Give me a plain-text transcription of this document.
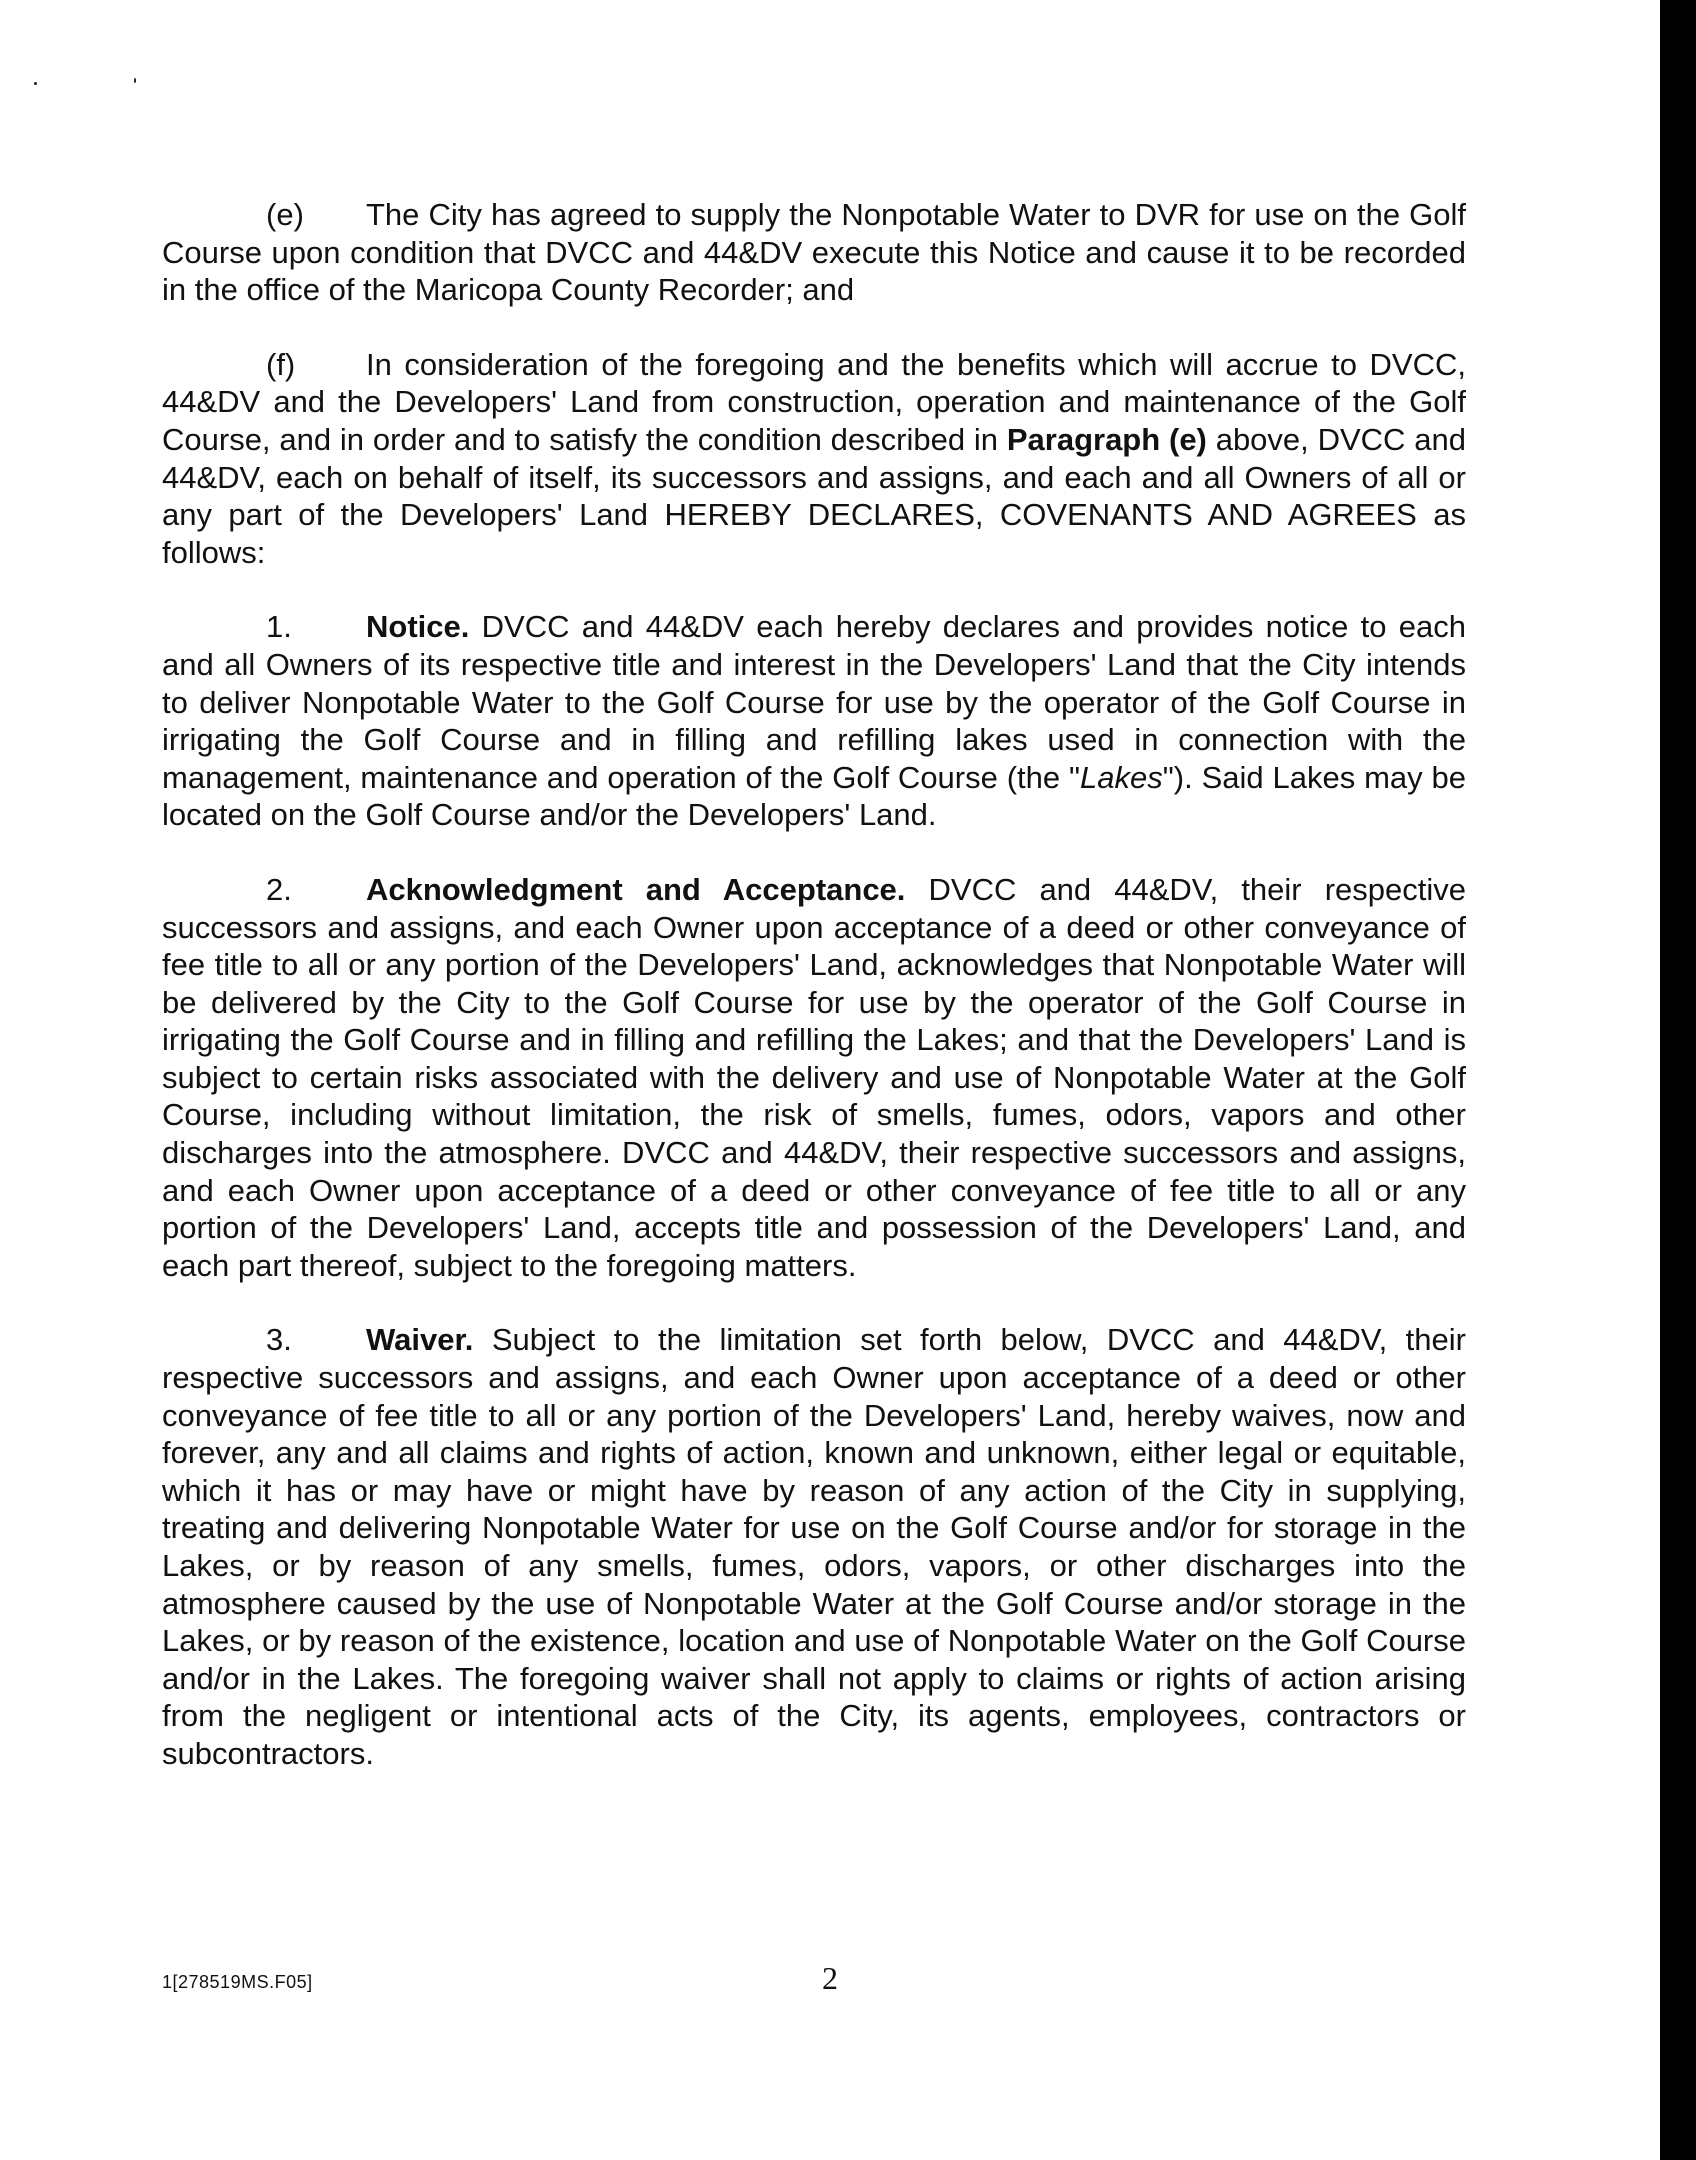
(e) The City has agreed to supply the Nonpotable Water to DVR for use on the Golf Course upon condition that DVCC and 44&DV execute this Notice and cause it to be recorded in the office of the Maricopa County Recorder; and

(f) In consideration of the foregoing and the benefits which will accrue to DVCC, 44&DV and the Developers' Land from construction, operation and maintenance of the Golf Course, and in order and to satisfy the condition described in Paragraph (e) above, DVCC and 44&DV, each on behalf of itself, its successors and assigns, and each and all Owners of all or any part of the Developers' Land HEREBY DECLARES, COVENANTS AND AGREES as follows:

1. Notice. DVCC and 44&DV each hereby declares and provides notice to each and all Owners of its respective title and interest in the Developers' Land that the City intends to deliver Nonpotable Water to the Golf Course for use by the operator of the Golf Course in irrigating the Golf Course and in filling and refilling lakes used in connection with the management, maintenance and operation of the Golf Course (the "Lakes"). Said Lakes may be located on the Golf Course and/or the Developers' Land.

2. Acknowledgment and Acceptance. DVCC and 44&DV, their respective successors and assigns, and each Owner upon acceptance of a deed or other conveyance of fee title to all or any portion of the Developers' Land, acknowledges that Nonpotable Water will be delivered by the City to the Golf Course for use by the operator of the Golf Course in irrigating the Golf Course and in filling and refilling the Lakes; and that the Developers' Land is subject to certain risks associated with the delivery and use of Nonpotable Water at the Golf Course, including without limitation, the risk of smells, fumes, odors, vapors and other discharges into the atmosphere. DVCC and 44&DV, their respective successors and assigns, and each Owner upon acceptance of a deed or other conveyance of fee title to all or any portion of the Developers' Land, accepts title and possession of the Developers' Land, and each part thereof, subject to the foregoing matters.

3. Waiver. Subject to the limitation set forth below, DVCC and 44&DV, their respective successors and assigns, and each Owner upon acceptance of a deed or other conveyance of fee title to all or any portion of the Developers' Land, hereby waives, now and forever, any and all claims and rights of action, known and unknown, either legal or equitable, which it has or may have or might have by reason of any action of the City in supplying, treating and delivering Nonpotable Water for use on the Golf Course and/or for storage in the Lakes, or by reason of any smells, fumes, odors, vapors, or other discharges into the atmosphere caused by the use of Nonpotable Water at the Golf Course and/or storage in the Lakes, or by reason of the existence, location and use of Nonpotable Water on the Golf Course and/or in the Lakes. The foregoing waiver shall not apply to claims or rights of action arising from the negligent or intentional acts of the City, its agents, employees, contractors or subcontractors.

1[278519MS.F05]	2
